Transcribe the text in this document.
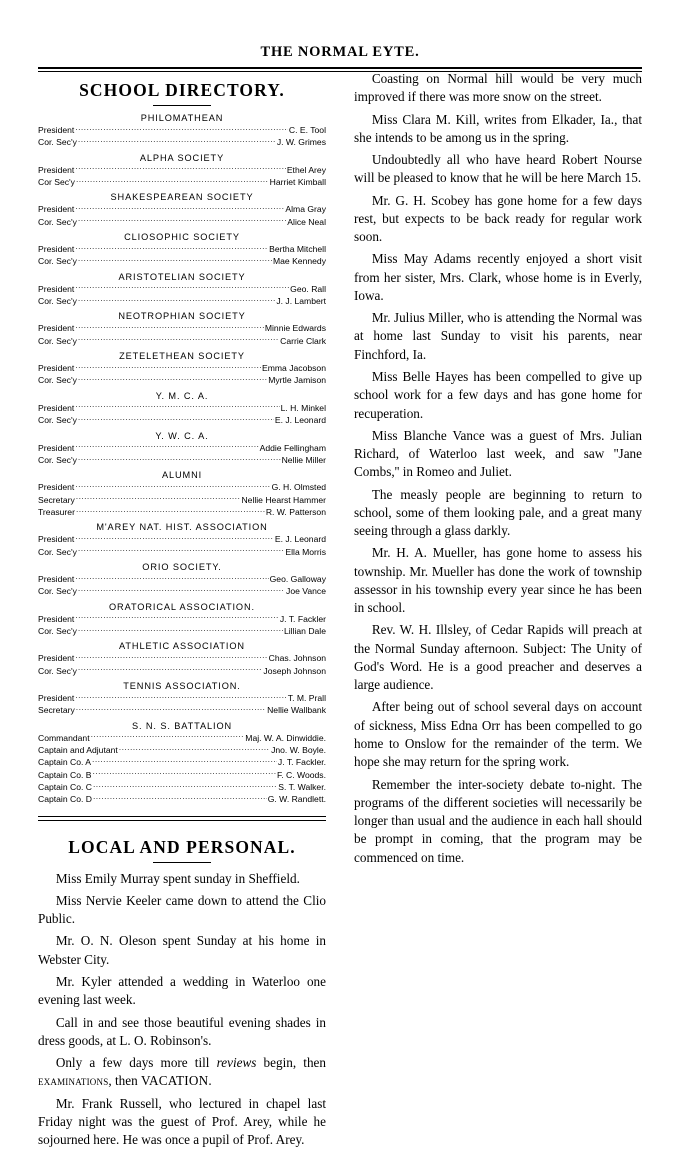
THE NORMAL EYTE.
SCHOOL DIRECTORY.
PHILOMATHEAN
President .....	C. E. Tool
Cor. Sec'y .....	J. W. Grimes
ALPHA SOCIETY
President .....	Ethel Arey
Cor Sec'y .....	Harriet Kimball
SHAKESPEAREAN SOCIETY
President .....	Alma Gray
Cor. Sec'y .....	Alice Neal
CLIOSOPHIC SOCIETY
President .....	Bertha Mitchell
Cor. Sec'y .....	Mae Kennedy
ARISTOTELIAN SOCIETY
President .....	Geo. Rall
Cor. Sec'y .....	J. J. Lambert
NEOTROPHIAN SOCIETY
President .....	Minnie Edwards
Cor. Sec'y .....	Carrie Clark
ZETELETHEAN SOCIETY
President .....	Emma Jacobson
Cor. Sec'y .....	Myrtle Jamison
Y. M. C. A.
President .....	L. H. Minkel
Cor. Sec'y .....	E. J. Leonard
Y. W. C. A.
President .....	Addie Fellingham
Cor. Sec'y .....	Nellie Miller
ALUMNI
President .....	G. H. Olmsted
Secretary .....	Nellie Hearst Hammer
Treasurer .....	R. W. Patterson
M'AREY NAT. HIST. ASSOCIATION
President .....	E. J. Leonard
Cor. Sec'y .....	Ella Morris
ORIO SOCIETY.
President .....	Geo. Galloway
Cor. Sec'y .....	Joe Vance
ORATORICAL ASSOCIATION.
President .....	J. T. Fackler
Cor. Sec'y .....	Lillian Dale
ATHLETIC ASSOCIATION
President .....	Chas. Johnson
Cor. Sec'y .....	Joseph Johnson
TENNIS ASSOCIATION.
President .....	T. M. Prall
Secretary .....	Nellie Wallbank
S. N. S. BATTALION
Commandant .....	Maj. W. A. Dinwiddie.
Captain and Adjutant .....	Jno. W. Boyle.
Captain Co. A .....	J. T. Fackler.
Captain Co. B .....	F. C. Woods.
Captain Co. C .....	S. T. Walker.
Captain Co. D .....	G. W. Randlett.
LOCAL AND PERSONAL.

Miss Emily Murray spent sunday in Sheffield.

Miss Nervie Keeler came down to attend the Clio Public.

Mr. O. N. Oleson spent Sunday at his home in Webster City.

Mr. Kyler attended a wedding in Waterloo one evening last week.

Call in and see those beautiful evening shades in dress goods, at L. O. Robinson's.

Only a few days more till reviews begin, then examinations, then VACATION.

Mr. Frank Russell, who lectured in chapel last Friday night was the guest of Prof. Arey, while he sojourned here. He was once a pupil of Prof. Arey.

Coasting on Normal hill would be very much improved if there was more snow on the street.

Miss Clara M. Kill, writes from Elkader, Ia., that she intends to be among us in the spring.

Undoubtedly all who have heard Robert Nourse will be pleased to know that he will be here March 15.

Mr. G. H. Scobey has gone home for a few days rest, but expects to be back ready for regular work soon.

Miss May Adams recently enjoyed a short visit from her sister, Mrs. Clark, whose home is in Everly, Iowa.

Mr. Julius Miller, who is attending the Normal was at home last Sunday to visit his parents, near Finchford, Ia.

Miss Belle Hayes has been compelled to give up school work for a few days and has gone home for recuperation.

Miss Blanche Vance was a guest of Mrs. Julian Richard, of Waterloo last week, and saw ''Jane Combs,'' in Romeo and Juliet.

The measly people are beginning to return to school, some of them looking pale, and a great many seeing through a glass darkly.

Mr. H. A. Mueller, has gone home to assess his township. Mr. Mueller has done the work of township assessor in his township every year since he has been in school.

Rev. W. H. Illsley, of Cedar Rapids will preach at the Normal Sunday afternoon. Subject: The Unity of God's Word. He is a good preacher and deserves a large audience.

After being out of school several days on account of sickness, Miss Edna Orr has been compelled to go home to Onslow for the remainder of the term. We hope she may return for the spring work.

Remember the inter-society debate to-night. The programs of the different societies will necessarily be longer than usual and the audience in each hall should be prompt in coming, that the program may be commenced on time.
